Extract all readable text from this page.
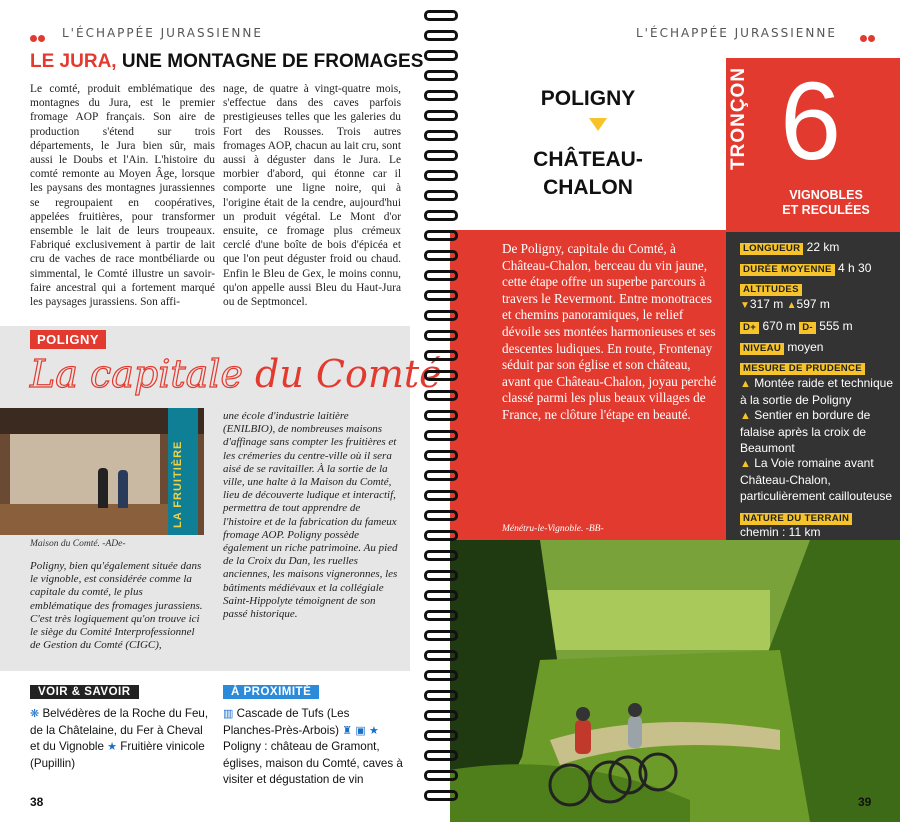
L'ÉCHAPPÉE JURASSIENNE
LE JURA, UNE MONTAGNE DE FROMAGES
Le comté, produit emblématique des montagnes du Jura, est le premier fromage AOP français. Son aire de production s'étend sur trois départements, le Jura bien sûr, mais aussi le Doubs et l'Ain. L'histoire du comté remonte au Moyen Âge, lorsque les paysans des montagnes jurassiennes se regroupaient en coopératives, appelées fruitières, pour transformer ensemble le lait de leurs troupeaux. Fabriqué exclusivement à partir de lait cru de vaches de race montbéliarde ou simmental, le Comté illustre un savoir-faire ancestral qui a fortement marqué les paysages jurassiens. Son affi-
nage, de quatre à vingt-quatre mois, s'effectue dans des caves parfois prestigieuses telles que les galeries du Fort des Rousses. Trois autres fromages AOP, chacun au lait cru, sont aussi à déguster dans le Jura. Le morbier d'abord, qui étonne car il comporte une ligne noire, qui à l'origine était de la cendre, aujourd'hui un produit végétal. Le Mont d'or ensuite, ce fromage plus crémeux cerclé d'une boîte de bois d'épicéa et que l'on peut déguster froid ou chaud. Enfin le Bleu de Gex, le moins connu, qu'on appelle aussi Bleu du Haut-Jura ou de Septmoncel.
POLIGNY
La capitale du Comté
LA FRUITIÈRE
Maison du Comté. -ADe-
Poligny, bien qu'également située dans le vignoble, est considérée comme la capitale du comté, le plus emblématique des fromages jurassiens. C'est très logiquement qu'on trouve ici le siège du Comité Interprofessionnel de Gestion du Comté (CIGC),
une école d'industrie laitière (ENILBIO), de nombreuses maisons d'affinage sans compter les fruitières et les crémeries du centre-ville où il sera aisé de se ravitailler. À la sortie de la ville, une halte à la Maison du Comté, lieu de découverte ludique et interactif, permettra de tout apprendre de l'histoire et de la fabrication du fameux fromage AOP. Poligny possède également un riche patrimoine. Au pied de la Croix du Dan, les ruelles anciennes, les maisons vigneronnes, les bâtiments médiévaux et la collégiale Saint-Hippolyte témoignent de son passé historique.
VOIR & SAVOIR
❋ Belvédères de la Roche du Feu, de la Châtelaine, du Fer à Cheval et du Vignoble ★ Fruitière vinicole (Pupillin)
À PROXIMITÉ
▥ Cascade de Tufs (Les Planches-Près-Arbois) ♜ ▣ ★ Poligny : château de Gramont, églises, maison du Comté, caves à visiter et dégustation de vin
38
L'ÉCHAPPÉE JURASSIENNE
POLIGNY
CHÂTEAU-
CHALON
De Poligny, capitale du Comté, à Château-Chalon, berceau du vin jaune, cette étape offre un superbe parcours à travers le Revermont. Entre monotraces et chemins panoramiques, le relief dévoile ses montées harmonieuses et ses descentes ludiques. En route, Frontenay séduit par son église et son château, avant que Château-Chalon, joyau perché classé parmi les plus beaux villages de France, ne clôture l'étape en beauté.
Ménétru-le-Vignoble. -BB-
TRONÇON 6
VIGNOBLES
ET RECULÉES
LONGUEUR 22 km
DURÉE MOYENNE 4 h 30
ALTITUDES
▼317 m ▲597 m
D+ 670 m D- 555 m
NIVEAU moyen
MESURE DE PRUDENCE
▲ Montée raide et technique à la sortie de Poligny
▲ Sentier en bordure de falaise après la croix de Beaumont
▲ La Voie romaine avant Château-Chalon, particulièrement caillouteuse
NATURE DU TERRAIN
chemin : 11 km
39
